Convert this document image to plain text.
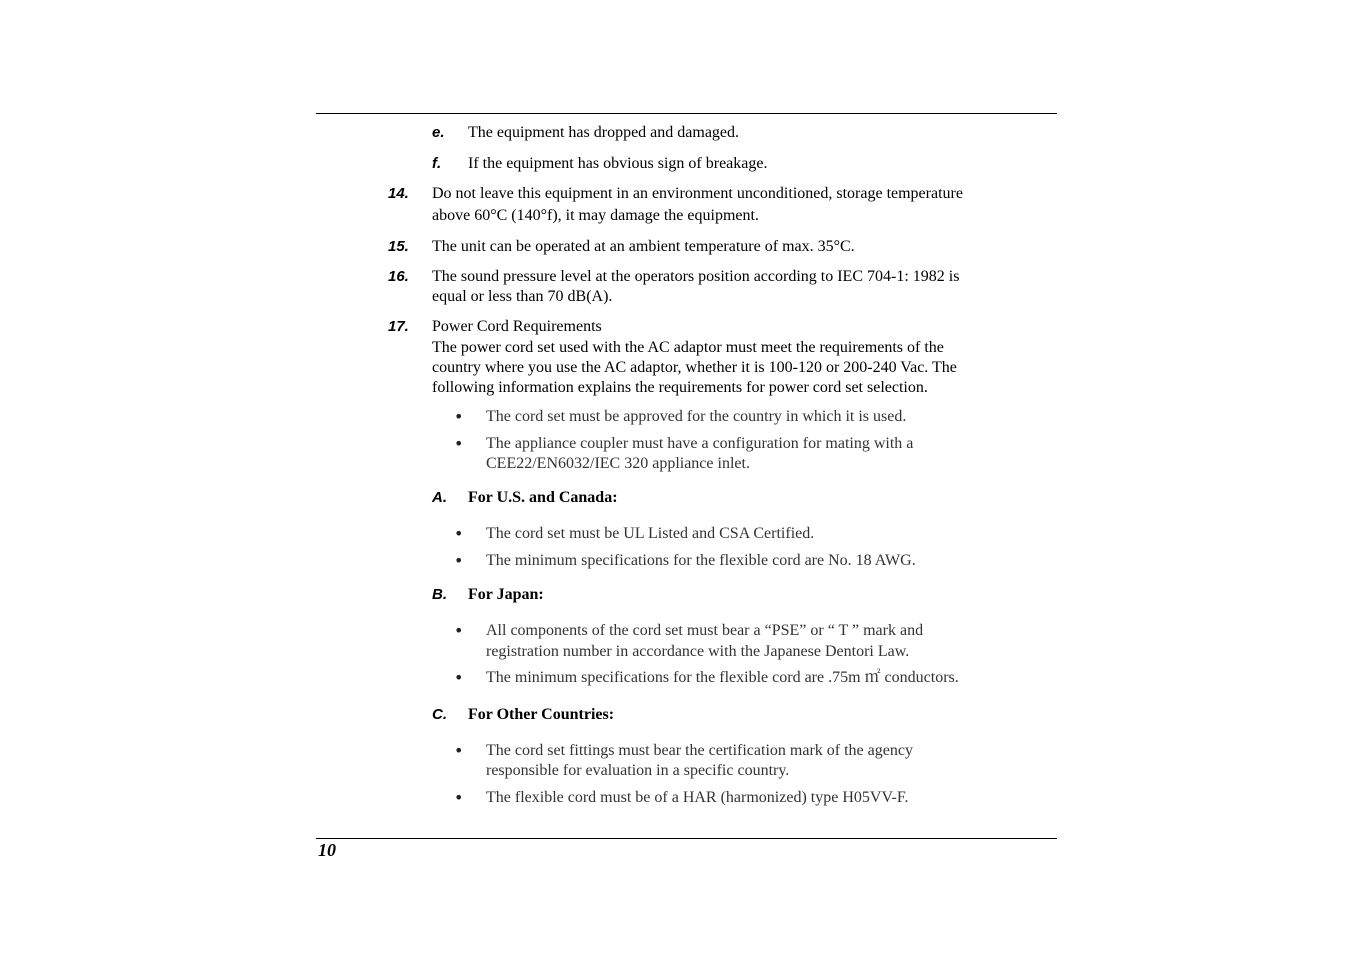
e. The equipment has dropped and damaged.
f. If the equipment has obvious sign of breakage.
14. Do not leave this equipment in an environment unconditioned, storage temperature
above 60°C (140°f), it may damage the equipment.
15. The unit can be operated at an ambient temperature of max. 35°C.
16. The sound pressure level at the operators position according to IEC 704-1: 1982 is
equal or less than 70 dB(A).
17. Power Cord Requirements
The power cord set used with the AC adaptor must meet the requirements of the
country where you use the AC adaptor, whether it is 100-120 or 200-240 Vac. The
following information explains the requirements for power cord set selection.
• The cord set must be approved for the country in which it is used.
• The appliance coupler must have a configuration for mating with a
CEE22/EN6032/IEC 320 appliance inlet.
A. For U.S. and Canada:
• The cord set must be UL Listed and CSA Certified.
• The minimum specifications for the flexible cord are No. 18 AWG.
B. For Japan:
• All components of the cord set must bear a “PSE” or “ T ” mark and
registration number in accordance with the Japanese Dentori Law.
• The minimum specifications for the flexible cord are .75m ㎡ conductors.
C. For Other Countries:
• The cord set fittings must bear the certification mark of the agency
responsible for evaluation in a specific country.
• The flexible cord must be of a HAR (harmonized) type H05VV-F.
10
